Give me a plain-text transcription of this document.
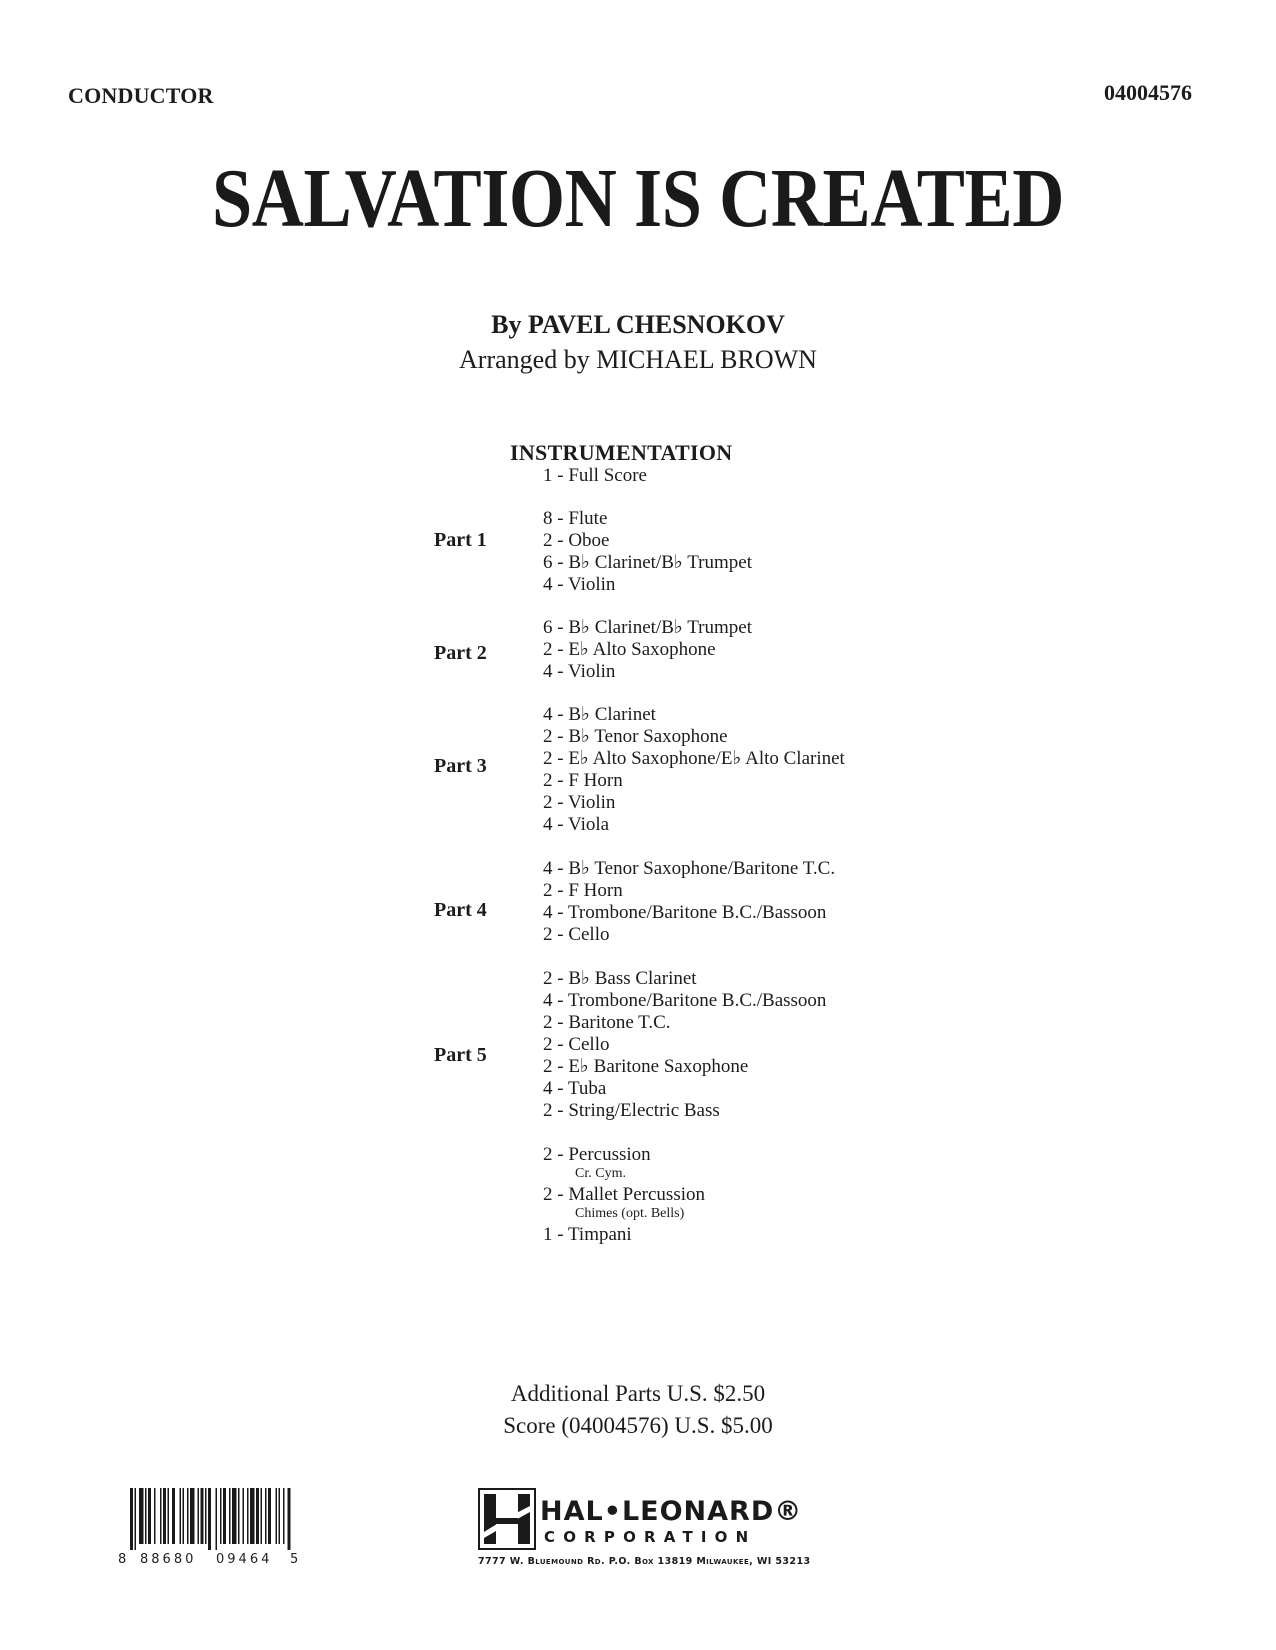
CONDUCTOR	04004576
SALVATION IS CREATED
By PAVEL CHESNOKOV
Arranged by MICHAEL BROWN
INSTRUMENTATION
1 - Full Score
Part 1
8 - Flute
2 - Oboe
6 - B♭ Clarinet/B♭ Trumpet
4 - Violin
Part 2
6 - B♭ Clarinet/B♭ Trumpet
2 - E♭ Alto Saxophone
4 - Violin
Part 3
4 - B♭ Clarinet
2 - B♭ Tenor Saxophone
2 - E♭ Alto Saxophone/E♭ Alto Clarinet
2 - F Horn
2 - Violin
4 - Viola
Part 4
4 - B♭ Tenor Saxophone/Baritone T.C.
2 - F Horn
4 - Trombone/Baritone B.C./Bassoon
2 - Cello
Part 5
2 - B♭ Bass Clarinet
4 - Trombone/Baritone B.C./Bassoon
2 - Baritone T.C.
2 - Cello
2 - E♭ Baritone Saxophone
4 - Tuba
2 - String/Electric Bass
2 - Percussion
Cr. Cym.
2 - Mallet Percussion
Chimes (opt. Bells)
1 - Timpani
Additional Parts U.S. $2.50
Score (04004576) U.S. $5.00
8 88680 09464 5
HAL•LEONARD®
CORPORATION
7777 W. Bluemound Rd. P.O. Box 13819 Milwaukee, WI 53213
